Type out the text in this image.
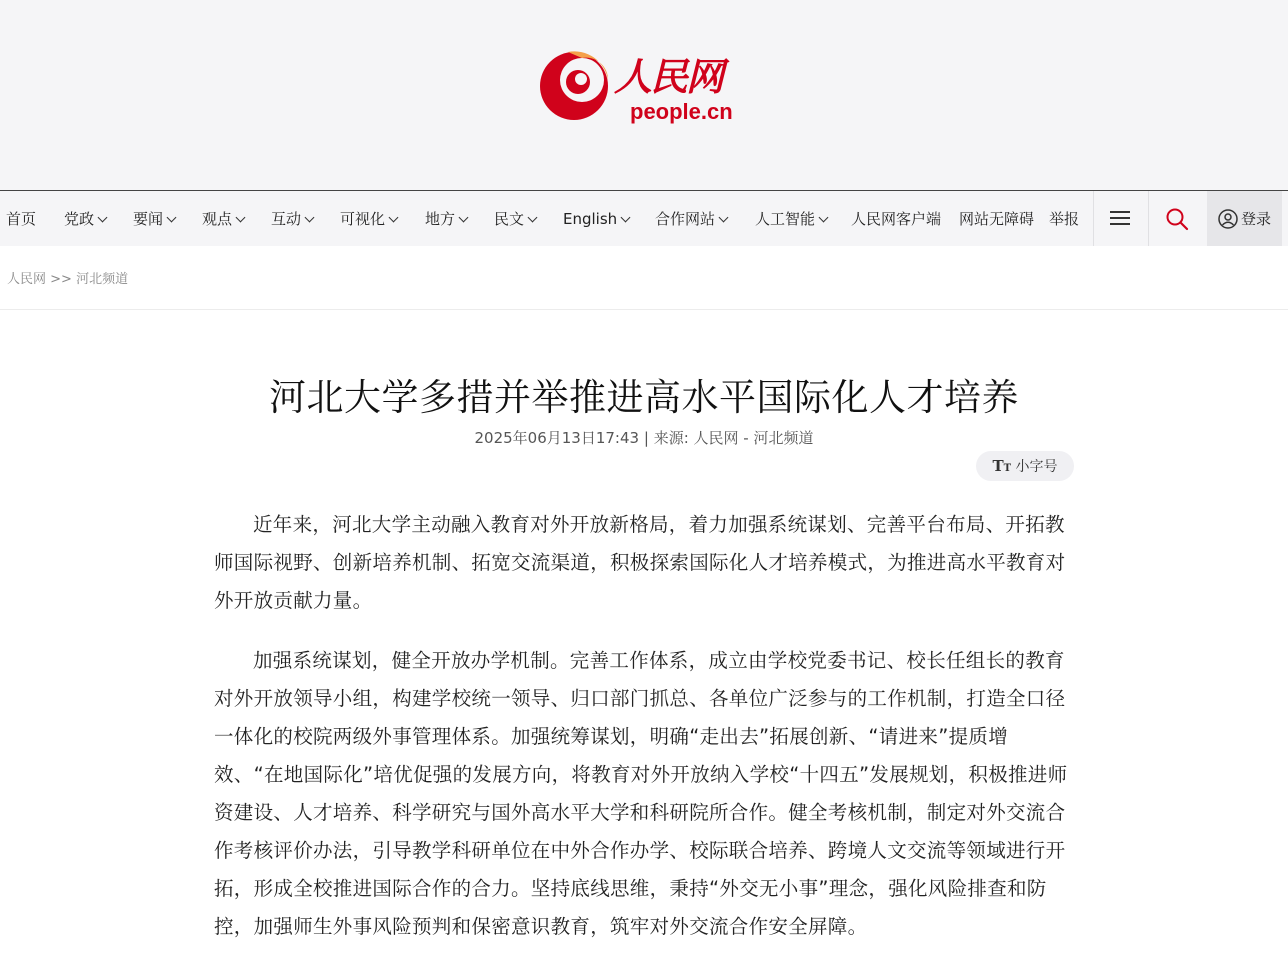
人民网
people.cn
首页 党政	要闻	观点	互动	可视化	地方	民文	English	合作网站	人工智能	人民网客户端 网站无障碍 举报	登录
人民网 >> 河北频道
河北大学多措并举推进高水平国际化人才培养
2025年06月13日17:43 | 来源: 人民网 - 河北频道
TT 小字号

近年来，河北大学主动融入教育对外开放新格局，着力加强系统谋划、完善平台布局、开拓教师国际视野、创新培养机制、拓宽交流渠道，积极探索国际化人才培养模式，为推进高水平教育对外开放贡献力量。

加强系统谋划，健全开放办学机制。完善工作体系，成立由学校党委书记、校长任组长的教育对外开放领导小组，构建学校统一领导、归口部门抓总、各单位广泛参与的工作机制，打造全口径一体化的校院两级外事管理体系。加强统筹谋划，明确“走出去”拓展创新、“请进来”提质增效、“在地国际化”培优促强的发展方向，将教育对外开放纳入学校“十四五”发展规划，积极推进师资建设、人才培养、科学研究与国外高水平大学和科研院所合作。健全考核机制，制定对外交流合作考核评价办法，引导教学科研单位在中外合作办学、校际联合培养、跨境人文交流等领域进行开拓，形成全校推进国际合作的合力。坚持底线思维，秉持“外交无小事”理念，强化风险排查和防控，加强师生外事风险预判和保密意识教育，筑牢对外交流合作安全屏障。
